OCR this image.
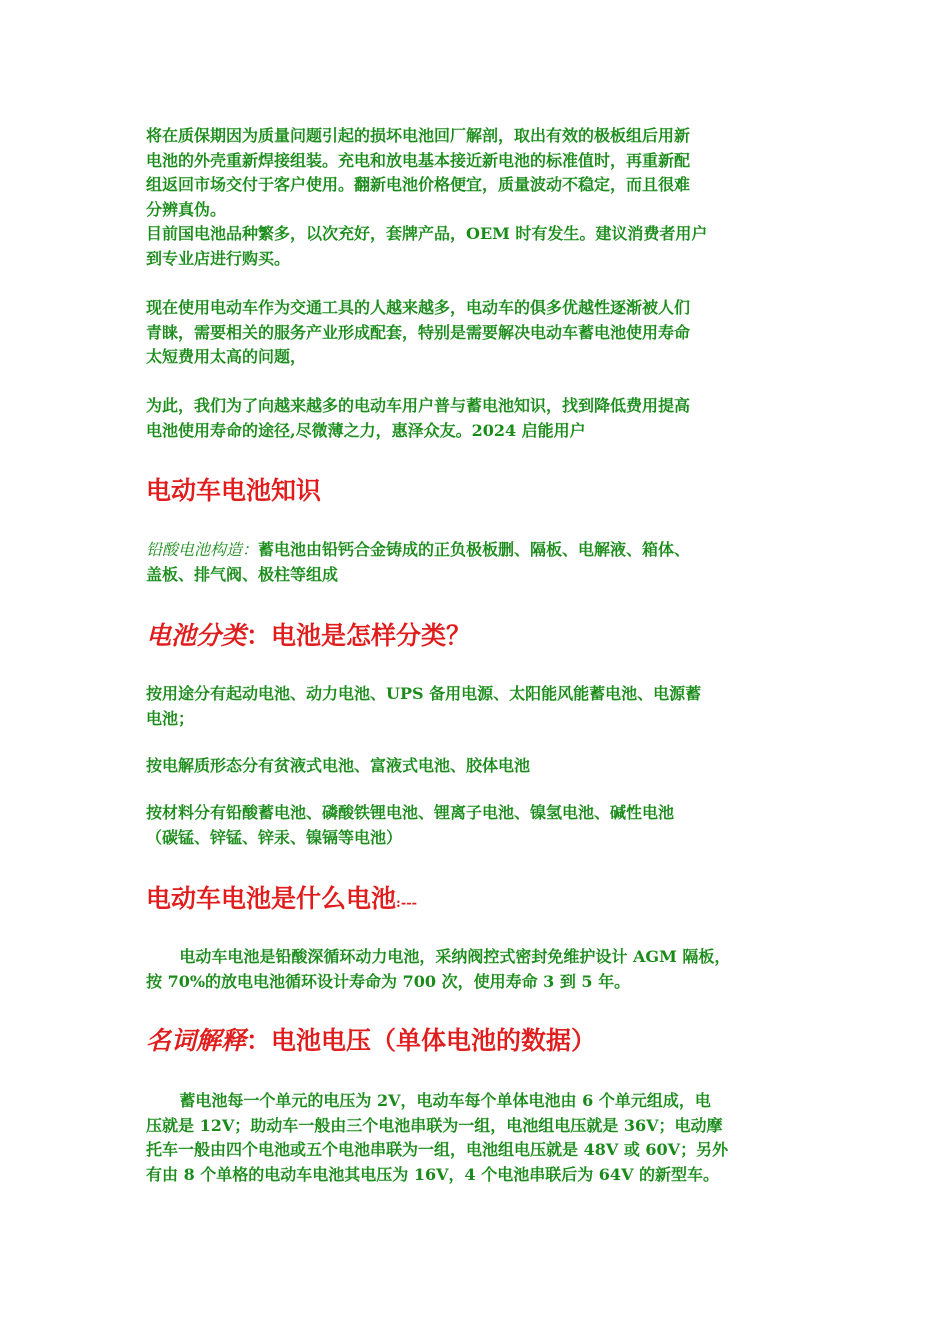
将在质保期因为质量问题引起的损坏电池回厂解剖，取出有效的极板组后用新
电池的外壳重新焊接组装。充电和放电基本接近新电池的标准值时，再重新配
组返回市场交付于客户使用。翻新电池价格便宜，质量波动不稳定，而且很难
分辨真伪。
目前国电池品种繁多，以次充好，套牌产品，OEM 时有发生。建议消费者用户
到专业店进行购买。

现在使用电动车作为交通工具的人越来越多，电动车的俱多优越性逐渐被人们
青睐，需要相关的服务产业形成配套，特别是需要解决电动车蓄电池使用寿命
太短费用太高的问题，

为此，我们为了向越来越多的电动车用户普与蓄电池知识，找到降低费用提高
电池使用寿命的途径,尽微薄之力，惠泽众友。2024 启能用户

电动车电池知识

铅酸电池构造：蓄电池由铅钙合金铸成的正负极板删、隔板、电解液、箱体、
盖板、排气阀、极柱等组成

电池分类：电池是怎样分类？

按用途分有起动电池、动力电池、UPS 备用电源、太阳能风能蓄电池、电源蓄
电池；

按电解质形态分有贫液式电池、富液式电池、胶体电池

按材料分有铅酸蓄电池、磷酸铁锂电池、锂离子电池、镍氢电池、碱性电池
（碳锰、锌锰、锌汞、镍镉等电池）

电动车电池是什么电池:---

电动车电池是铅酸深循环动力电池，采纳阀控式密封免维护设计 AGM 隔板，
按 70%的放电电池循环设计寿命为 700 次，使用寿命 3 到 5 年。

名词解释：电池电压（单体电池的数据）

蓄电池每一个单元的电压为 2V，电动车每个单体电池由 6 个单元组成，电
压就是 12V；助动车一般由三个电池串联为一组，电池组电压就是 36V；电动摩
托车一般由四个电池或五个电池串联为一组，电池组电压就是 48V 或 60V；另外
有由 8 个单格的电动车电池其电压为 16V，4 个电池串联后为 64V 的新型车。
